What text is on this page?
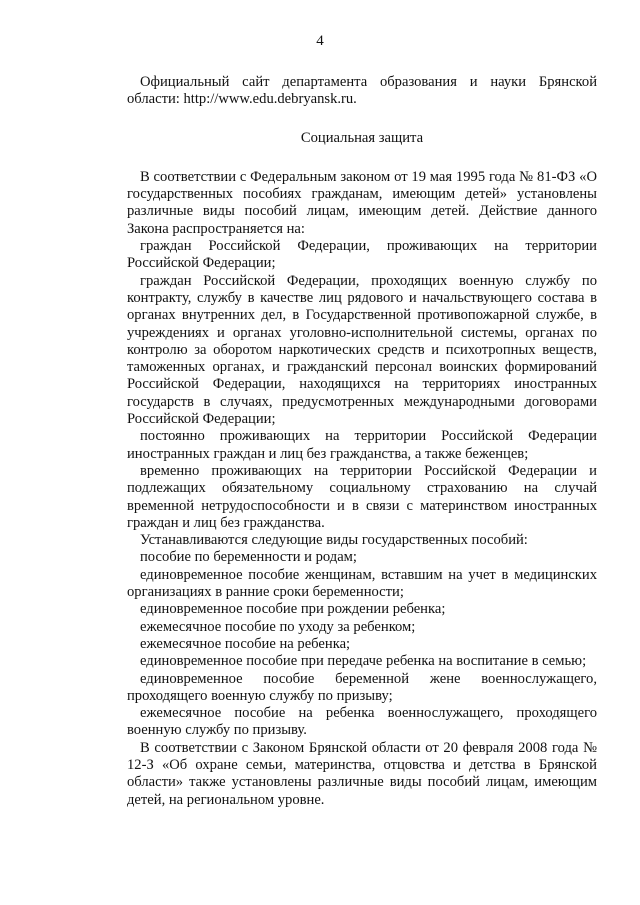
4

Официальный сайт департамента образования и науки Брянской области: http://www.edu.debryansk.ru.

Социальная защита

В соответствии с Федеральным законом от 19 мая 1995 года № 81-ФЗ «О государственных пособиях гражданам, имеющим детей» установлены различные виды пособий лицам, имеющим детей. Действие данного Закона распространяется на:

граждан Российской Федерации, проживающих на территории Российской Федерации;

граждан Российской Федерации, проходящих военную службу по контракту, службу в качестве лиц рядового и начальствующего состава в органах внутренних дел, в Государственной противопожарной службе, в учреждениях и органах уголовно-исполнительной системы, органах по контролю за оборотом наркотических средств и психотропных веществ, таможенных органах, и гражданский персонал воинских формирований Российской Федерации, находящихся на территориях иностранных государств в случаях, предусмотренных международными договорами Российской Федерации;

постоянно проживающих на территории Российской Федерации иностранных граждан и лиц без гражданства, а также беженцев;

временно проживающих на территории Российской Федерации и подлежащих обязательному социальному страхованию на случай временной нетрудоспособности и в связи с материнством иностранных граждан и лиц без гражданства.

Устанавливаются следующие виды государственных пособий:

пособие по беременности и родам;

единовременное пособие женщинам, вставшим на учет в медицинских организациях в ранние сроки беременности;

единовременное пособие при рождении ребенка;

ежемесячное пособие по уходу за ребенком;

ежемесячное пособие на ребенка;

единовременное пособие при передаче ребенка на воспитание в семью;

единовременное пособие беременной жене военнослужащего, проходящего военную службу по призыву;

ежемесячное пособие на ребенка военнослужащего, проходящего военную службу по призыву.

В соответствии с Законом Брянской области от 20 февраля 2008 года № 12-З «Об охране семьи, материнства, отцовства и детства в Брянской области» также установлены различные виды пособий лицам, имеющим детей, на региональном уровне.
